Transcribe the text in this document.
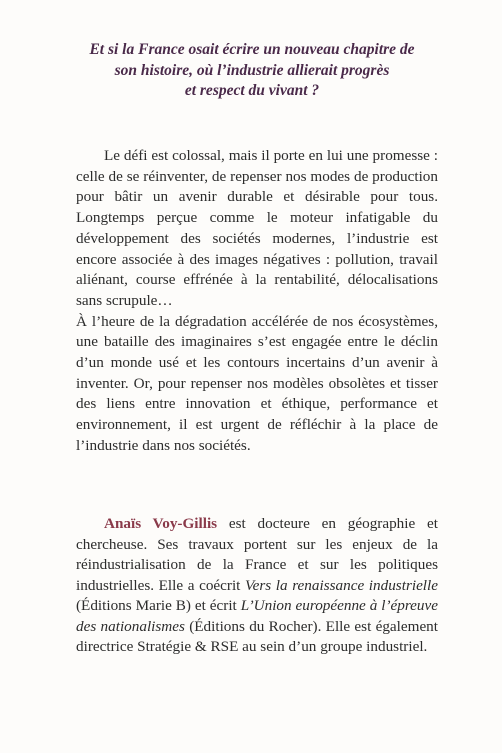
Et si la France osait écrire un nouveau chapitre de
son histoire, où l’industrie allierait progrès
et respect du vivant ?

Le défi est colossal, mais il porte en lui une promesse : celle de se réinventer, de repenser nos modes de production pour bâtir un avenir durable et désirable pour tous. Longtemps perçue comme le moteur infatigable du développement des sociétés modernes, l’industrie est encore associée à des images négatives : pollution, travail aliénant, course effrénée à la rentabilité, délocalisations sans scrupule…

À l’heure de la dégradation accélérée de nos écosystèmes, une bataille des imaginaires s’est engagée entre le déclin d’un monde usé et les contours incertains d’un avenir à inventer. Or, pour repenser nos modèles obsolètes et tisser des liens entre innovation et éthique, performance et environnement, il est urgent de réfléchir à la place de l’industrie dans nos sociétés.

Anaïs Voy-Gillis est docteure en géographie et chercheuse. Ses travaux portent sur les enjeux de la réindustrialisation de la France et sur les politiques industrielles. Elle a coécrit Vers la renaissance industrielle (Éditions Marie B) et écrit L’Union européenne à l’épreuve des nationalismes (Éditions du Rocher). Elle est également directrice Stratégie & RSE au sein d’un groupe industriel.
